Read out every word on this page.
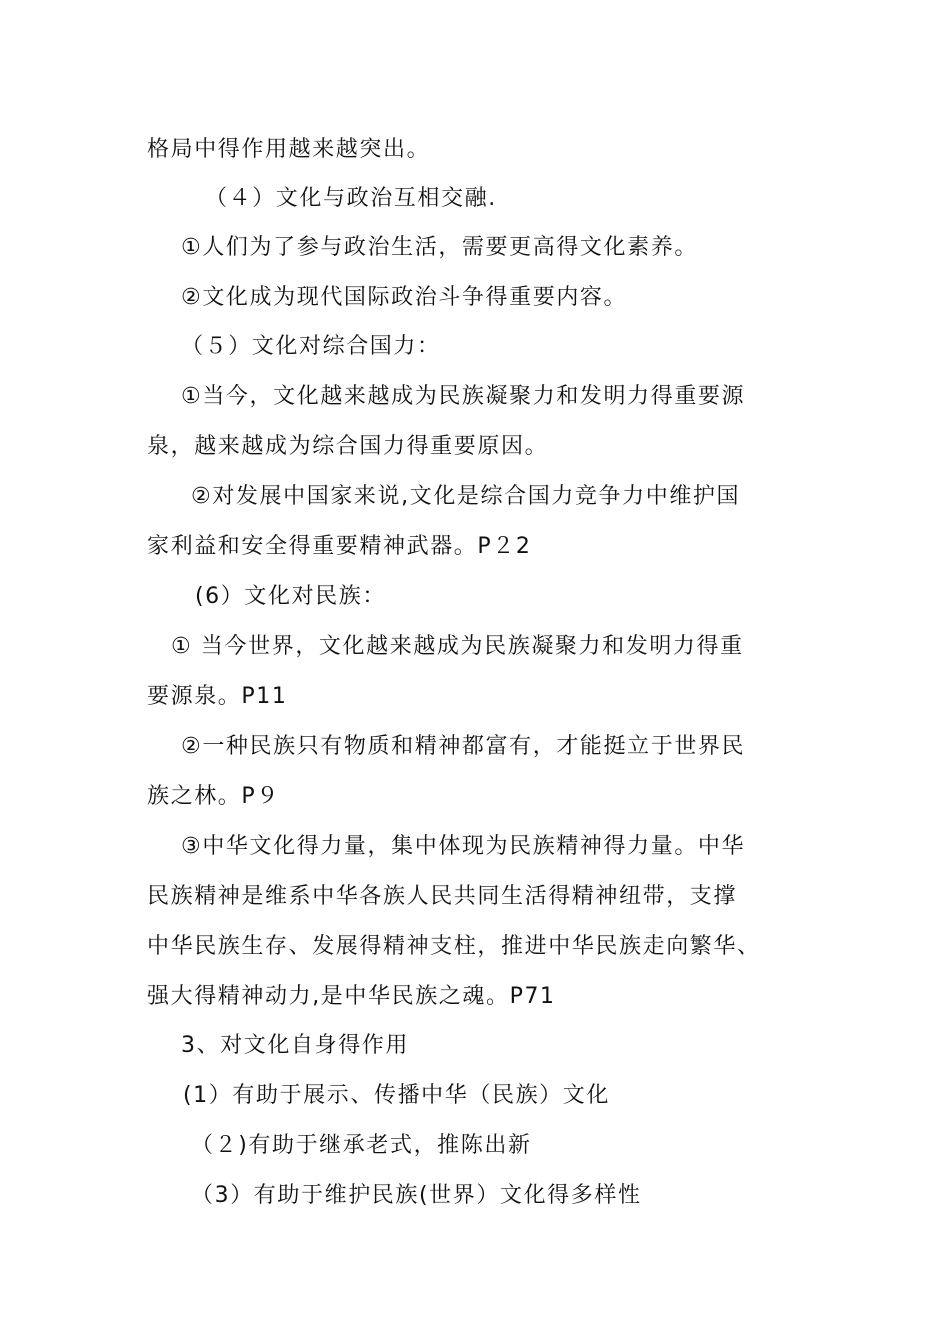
格局中得作用越来越突出。
（４）文化与政治互相交融.
①人们为了参与政治生活，需要更高得文化素养。
②文化成为现代国际政治斗争得重要内容。
（５）文化对综合国力：
①当今，文化越来越成为民族凝聚力和发明力得重要源
泉，越来越成为综合国力得重要原因。
②对发展中国家来说,文化是综合国力竞争力中维护国
家利益和安全得重要精神武器。P２2
(6）文化对民族：
① 当今世界，文化越来越成为民族凝聚力和发明力得重
要源泉。P11
②一种民族只有物质和精神都富有，才能挺立于世界民
族之林。P９
③中华文化得力量，集中体现为民族精神得力量。中华
民族精神是维系中华各族人民共同生活得精神纽带，支撑
中华民族生存、发展得精神支柱，推进中华民族走向繁华、
强大得精神动力,是中华民族之魂。P71
3、对文化自身得作用
(1）有助于展示、传播中华（民族）文化
（２)有助于继承老式，推陈出新
（3）有助于维护民族(世界）文化得多样性
